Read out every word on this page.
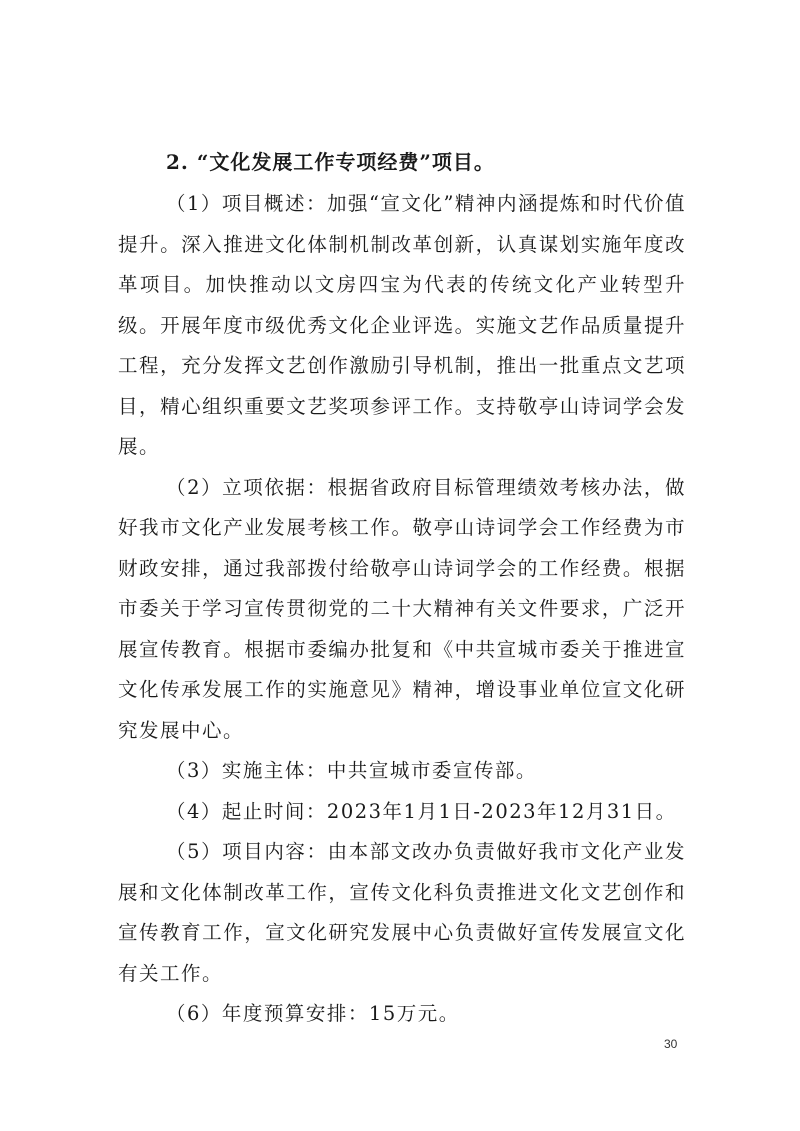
2. “文化发展工作专项经费”项目。

（1）项目概述：加强“宣文化”精神内涵提炼和时代价值提升。深入推进文化体制机制改革创新，认真谋划实施年度改革项目。加快推动以文房四宝为代表的传统文化产业转型升级。开展年度市级优秀文化企业评选。实施文艺作品质量提升工程，充分发挥文艺创作激励引导机制，推出一批重点文艺项目，精心组织重要文艺奖项参评工作。支持敬亭山诗词学会发展。

（2）立项依据：根据省政府目标管理绩效考核办法，做好我市文化产业发展考核工作。敬亭山诗词学会工作经费为市财政安排，通过我部拨付给敬亭山诗词学会的工作经费。根据市委关于学习宣传贯彻党的二十大精神有关文件要求，广泛开展宣传教育。根据市委编办批复和《中共宣城市委关于推进宣文化传承发展工作的实施意见》精神，增设事业单位宣文化研究发展中心。

（3）实施主体：中共宣城市委宣传部。

（4）起止时间：2023年1月1日-2023年12月31日。

（5）项目内容：由本部文改办负责做好我市文化产业发展和文化体制改革工作，宣传文化科负责推进文化文艺创作和宣传教育工作，宣文化研究发展中心负责做好宣传发展宣文化有关工作。

（6）年度预算安排：15万元。

30
